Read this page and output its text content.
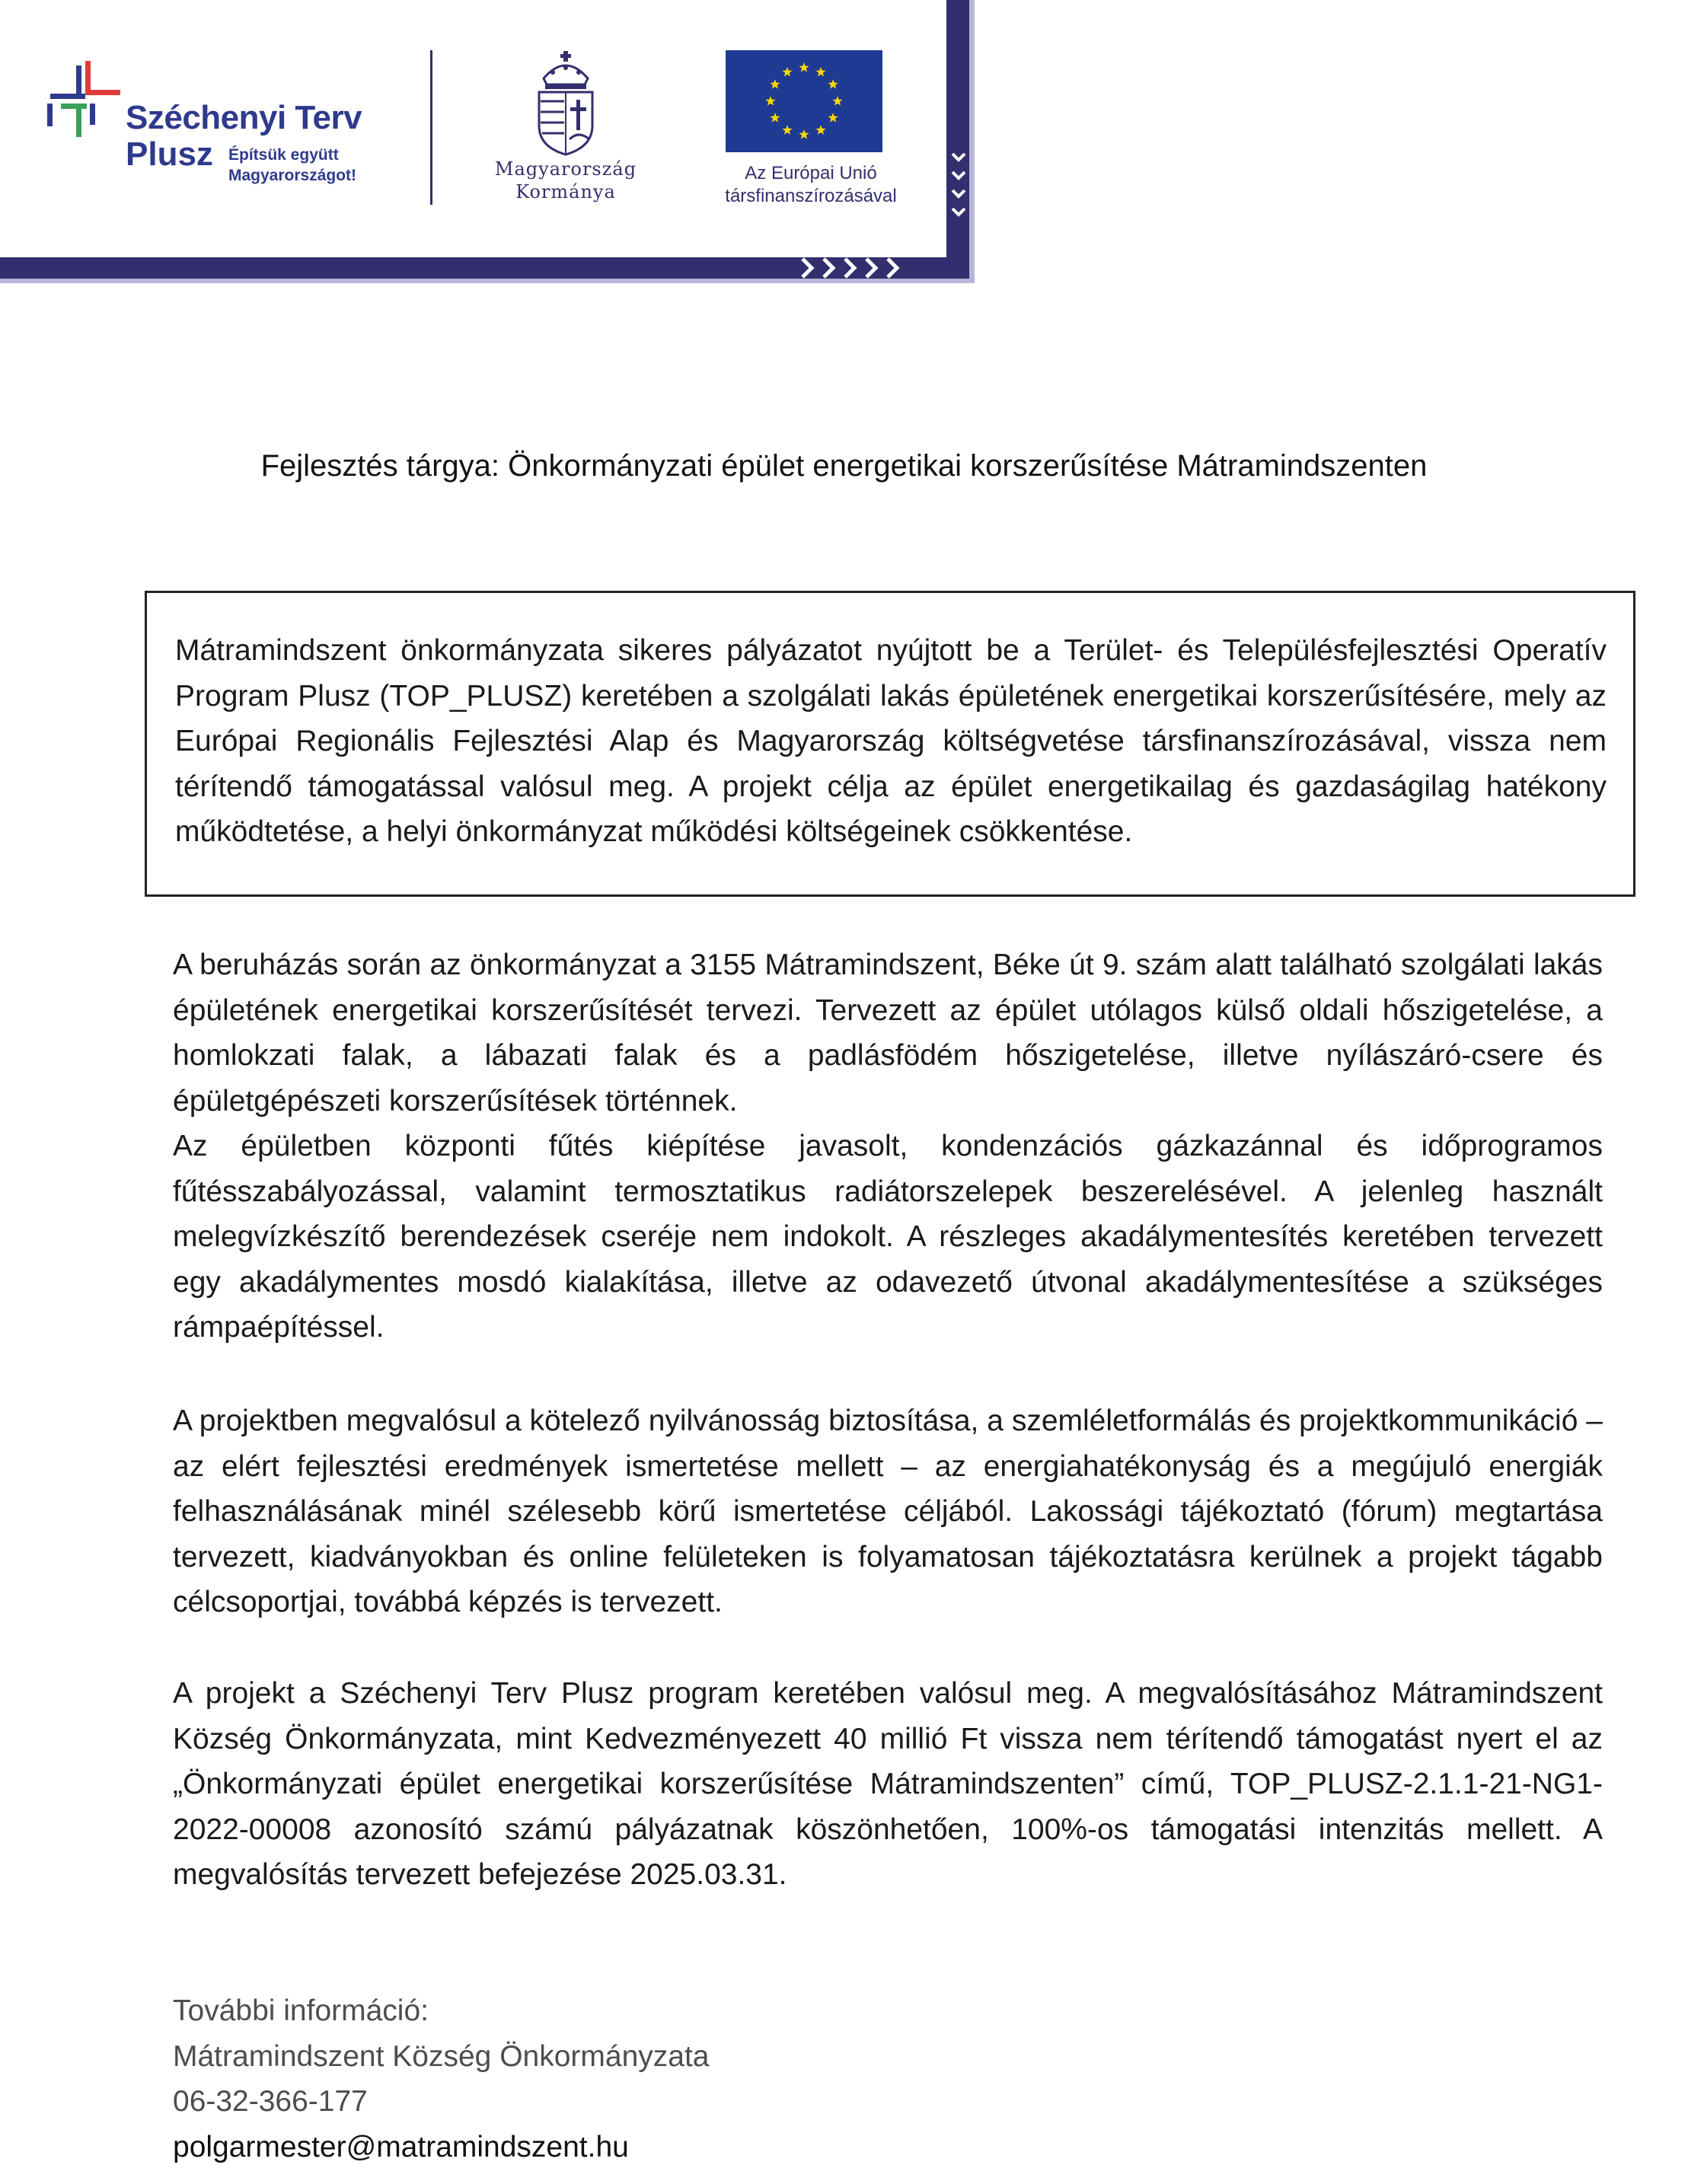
Széchenyi Terv
Plusz Építsük együtt
Magyarországot!	Magyarország
Kormánya
Az Európai Unió
társfinanszírozásával
Fejlesztés tárgya: Önkormányzati épület energetikai korszerűsítése Mátramindszenten

Mátramindszent önkormányzata sikeres pályázatot nyújtott be a Terület- és Településfejlesztési Operatív Program Plusz (TOP_PLUSZ) keretében a szolgálati lakás épületének energetikai korszerűsítésére, mely az Európai Regionális Fejlesztési Alap és Magyarország költségvetése társfinanszírozásával, vissza nem térítendő támogatással valósul meg. A projekt célja az épület energetikailag és gazdaságilag hatékony működtetése, a helyi önkormányzat működési költségeinek csökkentése.

A beruházás során az önkormányzat a 3155 Mátramindszent, Béke út 9. szám alatt található szolgálati lakás épületének energetikai korszerűsítését tervezi. Tervezett az épület utólagos külső oldali hőszigetelése, a homlokzati falak, a lábazati falak és a padlásfödém hőszigetelése, illetve nyílászáró-csere és épületgépészeti korszerűsítések történnek.

Az épületben központi fűtés kiépítése javasolt, kondenzációs gázkazánnal és időprogramos fűtésszabályozással, valamint termosztatikus radiátorszelepek beszerelésével. A jelenleg használt melegvízkészítő berendezések cseréje nem indokolt. A részleges akadálymentesítés keretében tervezett egy akadálymentes mosdó kialakítása, illetve az odavezető útvonal akadálymentesítése a szükséges rámpaépítéssel.

A projektben megvalósul a kötelező nyilvánosság biztosítása, a szemléletformálás és projektkommunikáció – az elért fejlesztési eredmények ismertetése mellett – az energiahatékonyság és a megújuló energiák felhasználásának minél szélesebb körű ismertetése céljából. Lakossági tájékoztató (fórum) megtartása tervezett, kiadványokban és online felületeken is folyamatosan tájékoztatásra kerülnek a projekt tágabb célcsoportjai, továbbá képzés is tervezett.

A projekt a Széchenyi Terv Plusz program keretében valósul meg. A megvalósításához Mátramindszent Község Önkormányzata, mint Kedvezményezett 40 millió Ft vissza nem térítendő támogatást nyert el az „Önkormányzati épület energetikai korszerűsítése Mátramindszenten” című, TOP_PLUSZ-2.1.1-21-NG1-2022-00008 azonosító számú pályázatnak köszönhetően, 100%-os támogatási intenzitás mellett. A megvalósítás tervezett befejezése 2025.03.31.

További információ:
Mátramindszent Község Önkormányzata
06-32-366-177
polgarmester@matramindszent.hu
